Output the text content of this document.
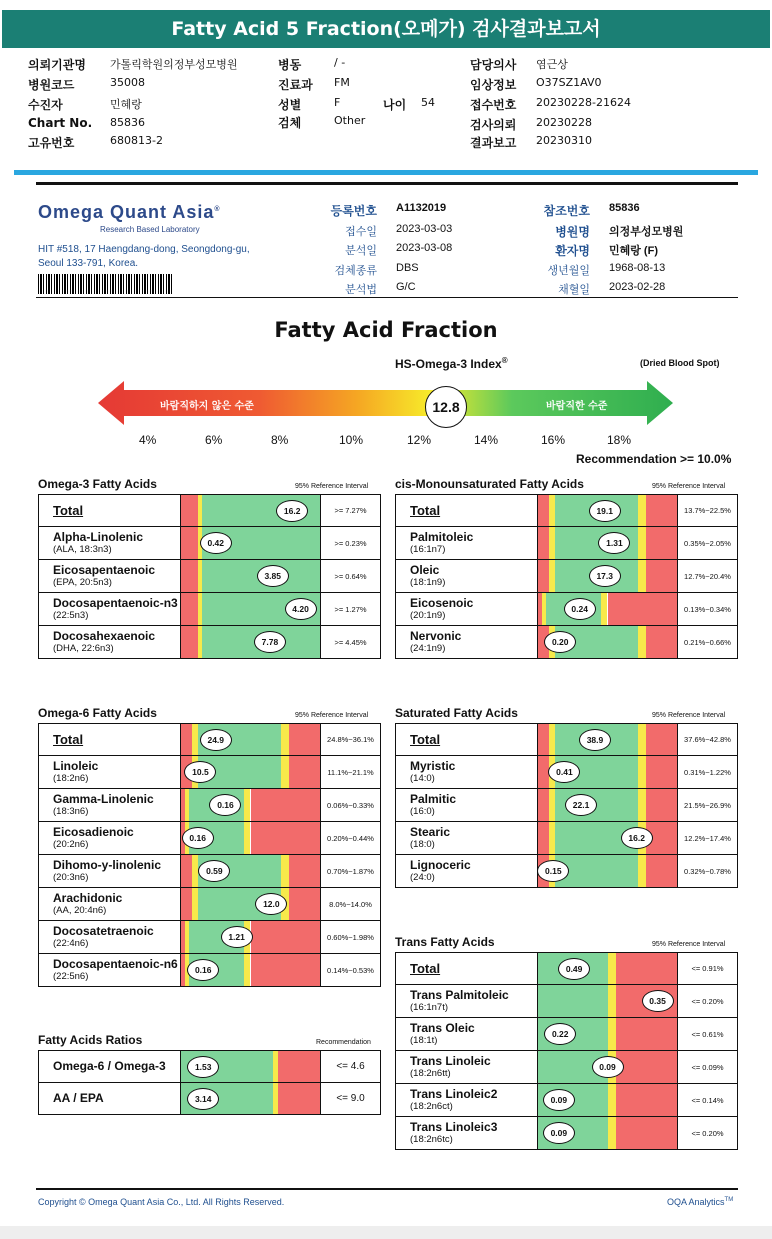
Fatty Acid 5 Fraction(오메가) 검사결과보고서
의뢰기관명 가톨릭학원의정부성모병원
병원코드	35008
수진자	민혜랑
Chart No. 85836
고유번호	680813-2
병동	/ -
진료과 FM
성별	F
검체	Other
담당의사 염근상
임상정보 O37SZ1AV0
접수번호 20230228-21624
검사의뢰 20230228
결과보고 20230310
나이 54
Omega Quant Asia®
Research Based Laboratory
HIT #518, 17 Haengdang-dong, Seongdong-gu,
Seoul 133-791, Korea.
등록번호 A1132019
접수일 2023-03-03
분석일 2023-03-08
검체종류 DBS
분석법 G/C
참조번호 85836
병원명 의정부성모병원
환자명 민혜랑 (F)
생년월일 1968-08-13
채혈일 2023-02-28
Fatty Acid Fraction
HS-Omega-3 Index®	(Dried Blood Spot)
바람직하지 않은 수준	바람직한 수준
12.8
4%	6%	8%	10%	12%	14%	16%	18%
Recommendation >= 10.0%
Omega-3 Fatty Acids	95% Reference Interval
Total	16.2	>= 7.27%

Alpha-Linolenic
(ALA, 18:3n3)	0.42	>= 0.23%

Eicosapentaenoic
(EPA, 20:5n3)	3.85	>= 0.64%

Docosapentaenoic-n3
(22:5n3)	4.20	>= 1.27%

Docosahexaenoic
(DHA, 22:6n3)	7.78	>= 4.45%
cis-Monounsaturated Fatty Acids	95% Reference Interval
Total	19.1	13.7%~22.5%

Palmitoleic
(16:1n7)	1.31	0.35%~2.05%

Oleic
(18:1n9)	17.3	12.7%~20.4%

Eicosenoic
(20:1n9)	0.24	0.13%~0.34%

Nervonic
(24:1n9)	0.20	0.21%~0.66%
Omega-6 Fatty Acids	95% Reference Interval
Total	24.9	24.8%~36.1%

Linoleic
(18:2n6)	10.5	11.1%~21.1%

Gamma-Linolenic
(18:3n6)	0.16	0.06%~0.33%

Eicosadienoic
(20:2n6)	0.16	0.20%~0.44%

Dihomo-y-linolenic
(20:3n6)	0.59	0.70%~1.87%

Arachidonic
(AA, 20:4n6)	12.0	8.0%~14.0%

Docosatetraenoic
(22:4n6)	1.21	0.60%~1.98%

Docosapentaenoic-n6
(22:5n6)	0.16	0.14%~0.53%
Saturated Fatty Acids	95% Reference Interval
Total	38.9	37.6%~42.8%

Myristic
(14:0)	0.41	0.31%~1.22%

Palmitic
(16:0)	22.1	21.5%~26.9%

Stearic
(18:0)	16.2	12.2%~17.4%

Lignoceric
(24:0)	0.15	0.32%~0.78%
Trans Fatty Acids	95% Reference Interval
Total	0.49	<= 0.91%

Trans Palmitoleic
(16:1n7t)	0.35	<= 0.20%

Trans Oleic
(18:1t)	0.22	<= 0.61%

Trans Linoleic
(18:2n6tt)	0.09	<= 0.09%

Trans Linoleic2
(18:2n6ct)	0.09	<= 0.14%

Trans Linoleic3
(18:2n6tc)	0.09	<= 0.20%
Fatty Acids Ratios	Recommendation
Omega-6 / Omega-3	1.53	<= 4.6

AA / EPA	3.14	<= 9.0
Copyright © Omega Quant Asia Co., Ltd. All Rights Reserved.	OQA Analytics™
